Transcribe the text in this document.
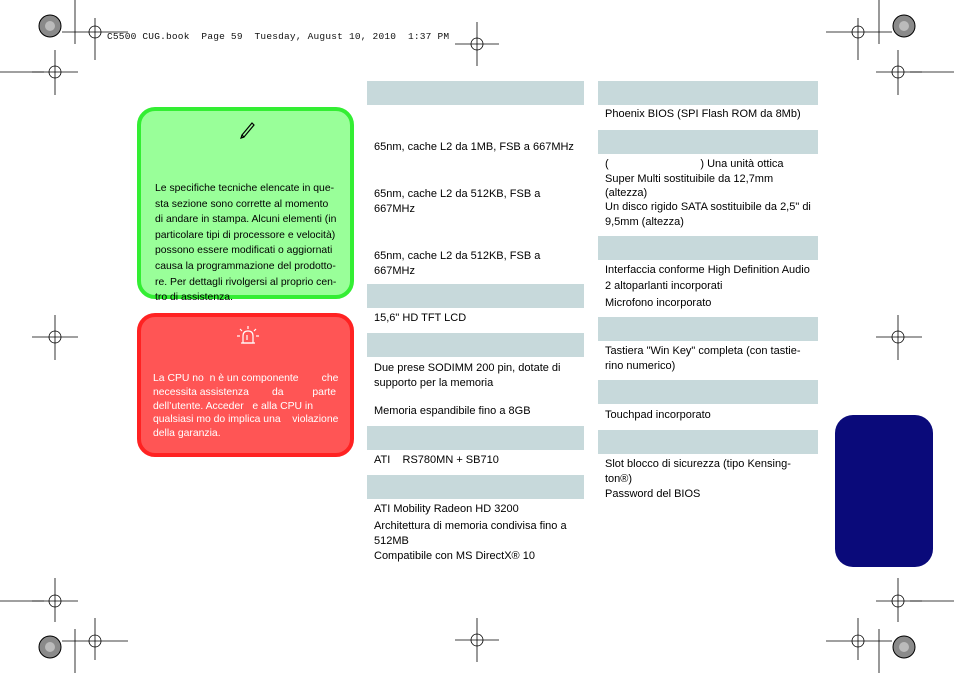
C5500 CUG.book  Page 59  Tuesday, August 10, 2010  1:37 PM
Le specifiche tecniche elencate in que-
sta sezione sono corrette al momento
di andare in stampa. Alcuni elementi (in
particolare tipi di processore e velocità)
possono essere modificati o aggiornati
causa la programmazione del prodotto-
re. Per dettagli rivolgersi al proprio cen-
tro di assistenza.
La CPU no  n è un componente        che
necessita assistenza        da          parte
dell’utente. Acceder   e alla CPU in
qualsiasi mo do implica una    violazione
della garanzia.

65nm, cache L2 da 1MB, FSB a 667MHz

65nm, cache L2 da 512KB, FSB a
667MHz

65nm, cache L2 da 512KB, FSB a
667MHz

15,6" HD TFT LCD

Due prese SODIMM 200 pin, dotate di
supporto per la memoria

Memoria espandibile fino a 8GB

ATI    RS780MN + SB710

ATI Mobility Radeon HD 3200

Architettura di memoria condivisa fino a
512MB

Compatibile con MS DirectX® 10

Phoenix BIOS (SPI Flash ROM da 8Mb)

(                              ) Una unità ottica
Super Multi sostituibile da 12,7mm
(altezza)

Un disco rigido SATA sostituibile da 2,5" di
9,5mm (altezza)

Interfaccia conforme High Definition Audio

2 altoparlanti incorporati

Microfono incorporato

Tastiera "Win Key" completa (con tastie-
rino numerico)

Touchpad incorporato

Slot blocco di sicurezza (tipo Kensing-
ton®)

Password del BIOS
